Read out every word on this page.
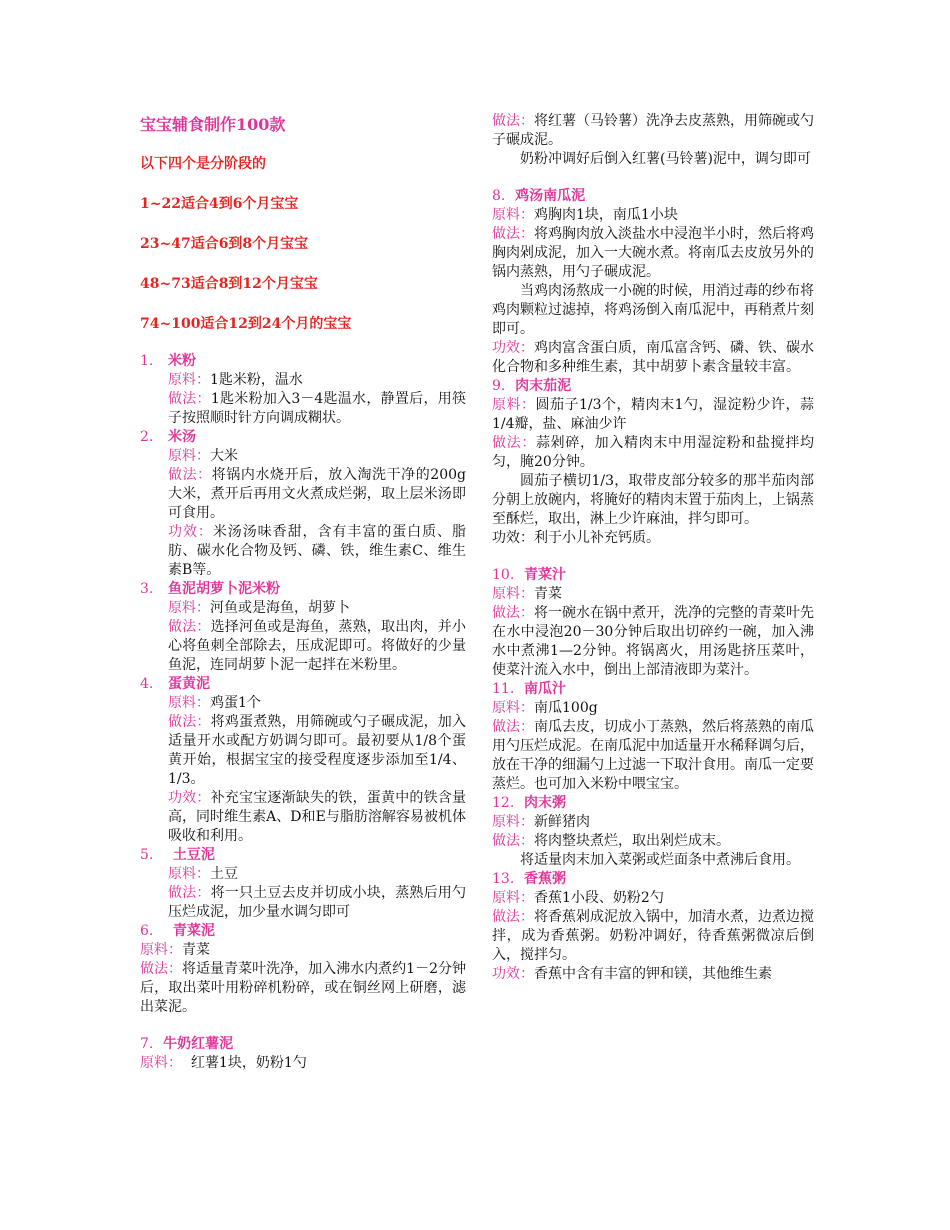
宝宝辅食制作100款
以下四个是分阶段的
1~22适合4到6个月宝宝
23~47适合6到8个月宝宝
48~73适合8到12个月宝宝
74~100适合12到24个月的宝宝

1. 米粉

原料：1匙米粉，温水

做法：1匙米粉加入3－4匙温水，静置后，用筷子按照顺时针方向调成糊状。

2. 米汤

原料：大米

做法：将锅内水烧开后，放入淘洗干净的200g大米，煮开后再用文火煮成烂粥，取上层米汤即可食用。

功效：米汤汤味香甜，含有丰富的蛋白质、脂肪、碳水化合物及钙、磷、铁，维生素C、维生素B等。

3. 鱼泥胡萝卜泥米粉

原料：河鱼或是海鱼，胡萝卜

做法：选择河鱼或是海鱼，蒸熟，取出肉，并小心将鱼刺全部除去，压成泥即可。将做好的少量鱼泥，连同胡萝卜泥一起拌在米粉里。

4. 蛋黄泥

原料：鸡蛋1个

做法：将鸡蛋煮熟，用筛碗或勺子碾成泥，加入适量开水或配方奶调匀即可。最初要从1/8个蛋黄开始，根据宝宝的接受程度逐步添加至1/4、1/3。

功效：补充宝宝逐渐缺失的铁，蛋黄中的铁含量高，同时维生素A、D和E与脂肪溶解容易被机体吸收和利用。

5. 土豆泥

原料：土豆

做法：将一只土豆去皮并切成小块，蒸熟后用勺压烂成泥，加少量水调匀即可

6. 青菜泥

原料：青菜

做法：将适量青菜叶洗净，加入沸水内煮约1－2分钟后，取出菜叶用粉碎机粉碎，或在铜丝网上研磨，滤出菜泥。

7. 牛奶红薯泥

原料： 红薯1块，奶粉1勺

做法：将红薯（马铃薯）洗净去皮蒸熟，用筛碗或勺子碾成泥。

奶粉冲调好后倒入红薯(马铃薯)泥中，调匀即可

8. 鸡汤南瓜泥

原料：鸡胸肉1块，南瓜1小块

做法：将鸡胸肉放入淡盐水中浸泡半小时，然后将鸡胸肉剁成泥，加入一大碗水煮。将南瓜去皮放另外的锅内蒸熟，用勺子碾成泥。

当鸡肉汤熬成一小碗的时候，用消过毒的纱布将鸡肉颗粒过滤掉，将鸡汤倒入南瓜泥中，再稍煮片刻即可。

功效：鸡肉富含蛋白质，南瓜富含钙、磷、铁、碳水化合物和多种维生素，其中胡萝卜素含量较丰富。

9. 肉末茄泥

原料：圆茄子1/3个，精肉末1勺，湿淀粉少许，蒜1/4瓣，盐、麻油少许

做法：蒜剁碎，加入精肉末中用湿淀粉和盐搅拌均匀，腌20分钟。

圆茄子横切1/3，取带皮部分较多的那半茄肉部分朝上放碗内，将腌好的精肉末置于茄肉上，上锅蒸至酥烂，取出，淋上少许麻油，拌匀即可。

功效：利于小儿补充钙质。

10. 青菜汁

原料：青菜

做法：将一碗水在锅中煮开，洗净的完整的青菜叶先在水中浸泡20－30分钟后取出切碎约一碗，加入沸水中煮沸1—2分钟。将锅离火，用汤匙挤压菜叶，使菜汁流入水中，倒出上部清液即为菜汁。

11. 南瓜汁

原料：南瓜100g

做法：南瓜去皮，切成小丁蒸熟，然后将蒸熟的南瓜用勺压烂成泥。在南瓜泥中加适量开水稀释调匀后，放在干净的细漏勺上过滤一下取汁食用。南瓜一定要蒸烂。也可加入米粉中喂宝宝。

12. 肉末粥

原料：新鲜猪肉

做法：将肉整块煮烂，取出剁烂成末。

将适量肉末加入菜粥或烂面条中煮沸后食用。

13. 香蕉粥

原料：香蕉1小段、奶粉2勺

做法：将香蕉剁成泥放入锅中，加清水煮，边煮边搅拌，成为香蕉粥。奶粉冲调好，待香蕉粥微凉后倒入，搅拌匀。

功效：香蕉中含有丰富的钾和镁，其他维生素
